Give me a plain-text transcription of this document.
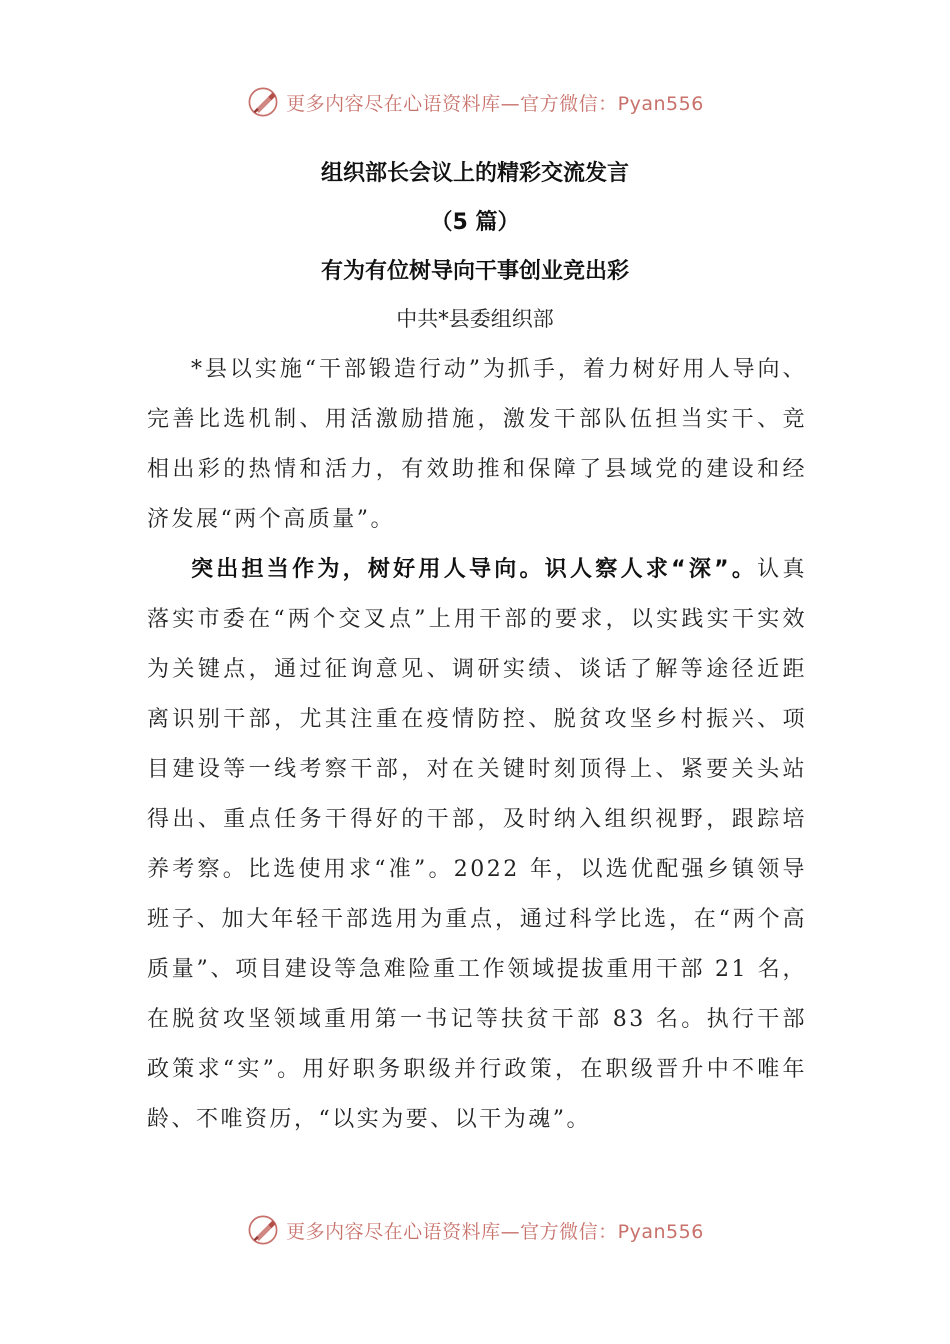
更多内容尽在心语资料库—官方微信：Pyan556
组织部长会议上的精彩交流发言
（5 篇）
有为有位树导向干事创业竞出彩
中共*县委组织部

*县以实施“干部锻造行动”为抓手，着力树好用人导向、完善比选机制、用活激励措施，激发干部队伍担当实干、竞相出彩的热情和活力，有效助推和保障了县域党的建设和经济发展“两个高质量”。

突出担当作为，树好用人导向。识人察人求“深”。认真落实市委在“两个交叉点”上用干部的要求，以实践实干实效为关键点，通过征询意见、调研实绩、谈话了解等途径近距离识别干部，尤其注重在疫情防控、脱贫攻坚乡村振兴、项目建设等一线考察干部，对在关键时刻顶得上、紧要关头站得出、重点任务干得好的干部，及时纳入组织视野，跟踪培养考察。比选使用求“准”。2022 年，以选优配强乡镇领导班子、加大年轻干部选用为重点，通过科学比选，在“两个高质量”、项目建设等急难险重工作领域提拔重用干部 21 名，在脱贫攻坚领域重用第一书记等扶贫干部 83 名。执行干部政策求“实”。用好职务职级并行政策，在职级晋升中不唯年龄、不唯资历，“以实为要、以干为魂”。

更多内容尽在心语资料库—官方微信：Pyan556
